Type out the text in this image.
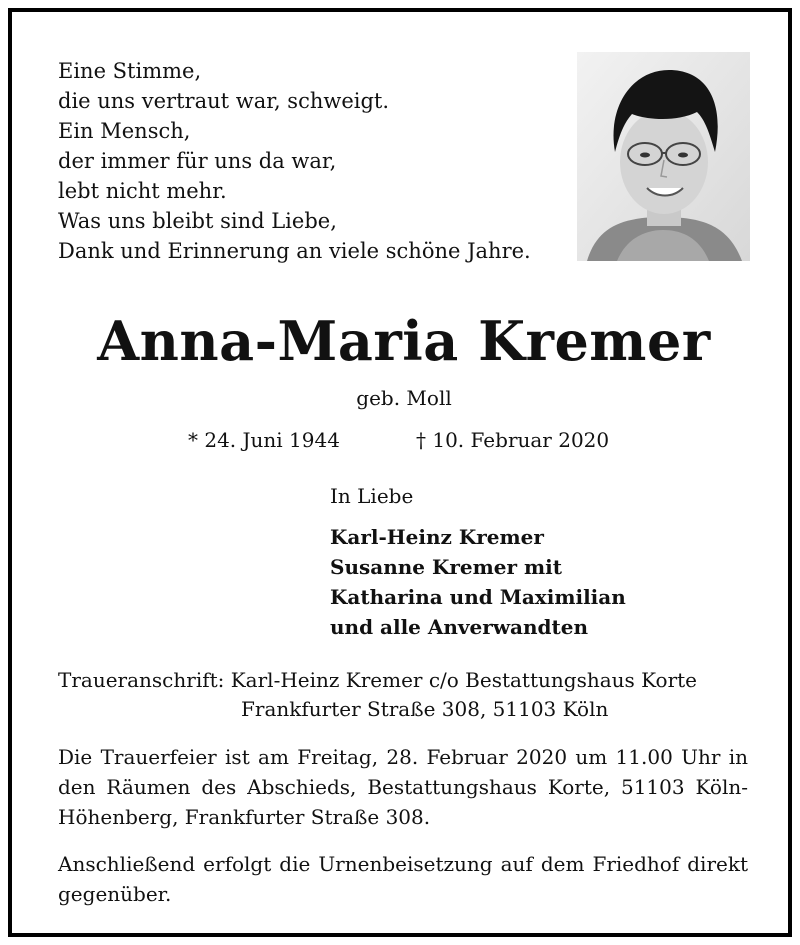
Eine Stimme,
die uns vertraut war, schweigt.
Ein Mensch,
der immer für uns da war,
lebt nicht mehr.
Was uns bleibt sind Liebe,
Dank und Erinnerung an viele schöne Jahre.
Anna-Maria Kremer
geb. Moll
* 24. Juni 1944	† 10. Februar 2020
In Liebe
Karl-Heinz Kremer
Susanne Kremer mit
Katharina und Maximilian
und alle Anverwandten
Traueranschrift: Karl-Heinz Kremer c/o Bestattungshaus Korte
Frankfurter Straße 308, 51103 Köln
Die Trauerfeier ist am Freitag, 28. Februar 2020 um 11.00 Uhr in den Räumen des Abschieds, Bestattungshaus Korte, 51103 Köln-Höhenberg, Frankfurter Straße 308.
Anschließend erfolgt die Urnenbeisetzung auf dem Friedhof direkt gegenüber.
